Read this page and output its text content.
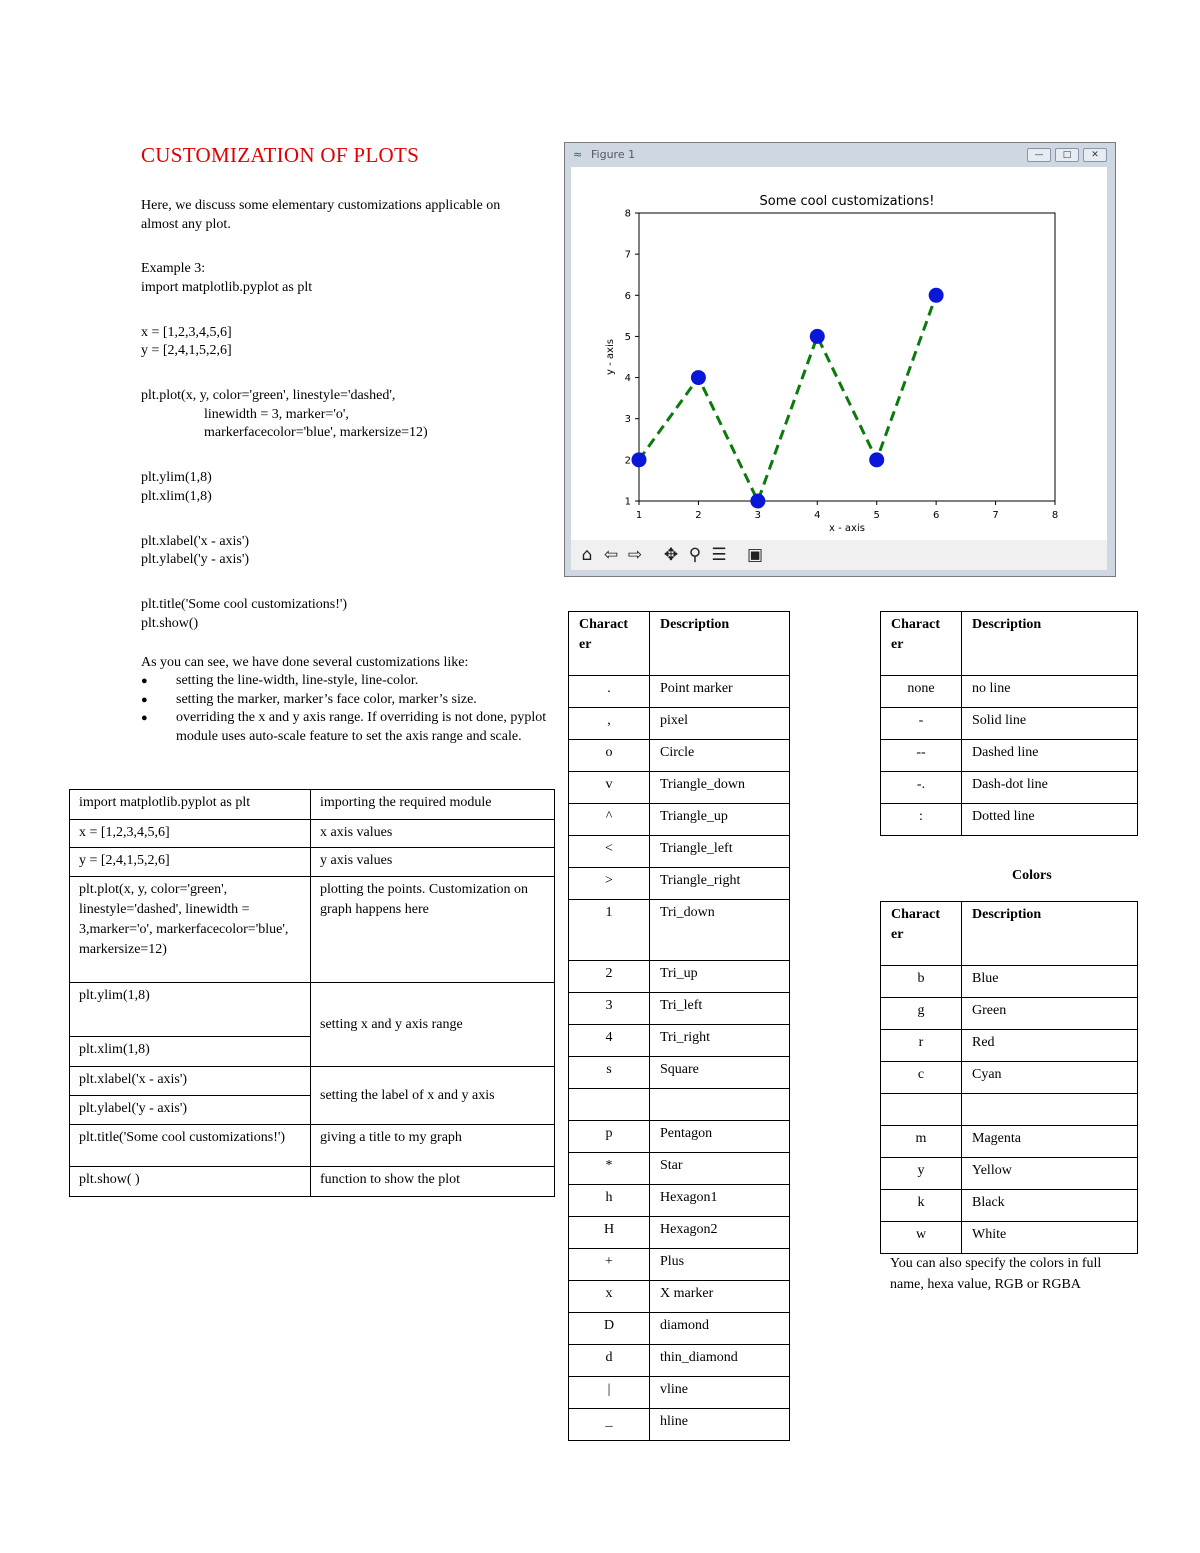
CUSTOMIZATION OF PLOTS
Here, we discuss some elementary customizations applicable on
almost any plot.
Example 3:
import matplotlib.pyplot as plt
x = [1,2,3,4,5,6]
y = [2,4,1,5,2,6]
plt.plot(x, y, color='green', linestyle='dashed',
linewidth = 3, marker='o',
markerfacecolor='blue', markersize=12)
plt.ylim(1,8)
plt.xlim(1,8)
plt.xlabel('x - axis')
plt.ylabel('y - axis')
plt.title('Some cool customizations!')
plt.show()
As you can see, we have done several customizations like:
● setting the line-width, line-style, line-color.
● setting the marker, marker’s face color, marker’s size.
● overriding the x and y axis range. If overriding is not done, pyplot module uses auto-scale feature to set the axis range and scale.
import matplotlib.pyplot as plt	importing the required module
x = [1,2,3,4,5,6]	x axis values
y = [2,4,1,5,2,6]	y axis values
plt.plot(x, y, color='green', linestyle='dashed', linewidth = 3,marker='o', markerfacecolor='blue', markersize=12)	plotting the points. Customization on graph happens here
plt.ylim(1,8)	setting x and y axis range
plt.xlim(1,8)	
plt.xlabel('x - axis')	setting the label of x and y axis
plt.ylabel('y - axis')	
plt.title('Some cool customizations!')	giving a title to my graph
plt.show( )	function to show the plot
≈ Figure 1	—	□	✕
1	2	3	4	5	6	7	8
1
2
3
4
5
6
7
8
Some cool customizations!
x - axis
y - axis
⌂ ⇦ ⇨ ✥ ⚲ ☰ ▣
Charact er	Description
.	Point marker
,	pixel
o	Circle
v	Triangle_down
^	Triangle_up
<	Triangle_left
>	Triangle_right
1	Tri_down
2	Tri_up
3	Tri_left
4	Tri_right
s	Square

p	Pentagon
*	Star
h	Hexagon1
H	Hexagon2
+	Plus
x	X marker
D	diamond
d	thin_diamond
|	vline
_	hline
Charact er	Description
none	no line
-	Solid line
--	Dashed line
-.	Dash-dot line
:	Dotted line
Colors
Charact er	Description
b	Blue
g	Green
r	Red
c	Cyan

m	Magenta
y	Yellow
k	Black
w	White
You can also specify the colors in full name, hexa value, RGB or RGBA
